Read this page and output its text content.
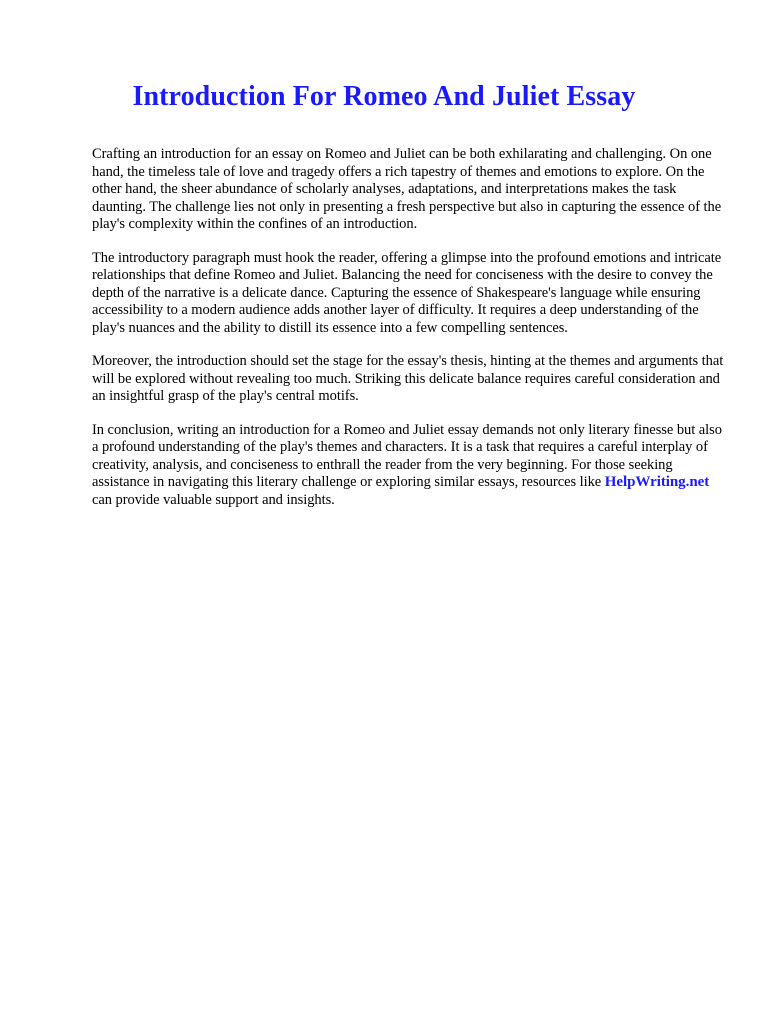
Introduction For Romeo And Juliet Essay

Crafting an introduction for an essay on Romeo and Juliet can be both exhilarating and challenging. On one hand, the timeless tale of love and tragedy offers a rich tapestry of themes and emotions to explore. On the other hand, the sheer abundance of scholarly analyses, adaptations, and interpretations makes the task daunting. The challenge lies not only in presenting a fresh perspective but also in capturing the essence of the play's complexity within the confines of an introduction.

The introductory paragraph must hook the reader, offering a glimpse into the profound emotions and intricate relationships that define Romeo and Juliet. Balancing the need for conciseness with the desire to convey the depth of the narrative is a delicate dance. Capturing the essence of Shakespeare's language while ensuring accessibility to a modern audience adds another layer of difficulty. It requires a deep understanding of the play's nuances and the ability to distill its essence into a few compelling sentences.

Moreover, the introduction should set the stage for the essay's thesis, hinting at the themes and arguments that will be explored without revealing too much. Striking this delicate balance requires careful consideration and an insightful grasp of the play's central motifs.

In conclusion, writing an introduction for a Romeo and Juliet essay demands not only literary finesse but also a profound understanding of the play's themes and characters. It is a task that requires a careful interplay of creativity, analysis, and conciseness to enthrall the reader from the very beginning. For those seeking assistance in navigating this literary challenge or exploring similar essays, resources like HelpWriting.net can provide valuable support and insights.
